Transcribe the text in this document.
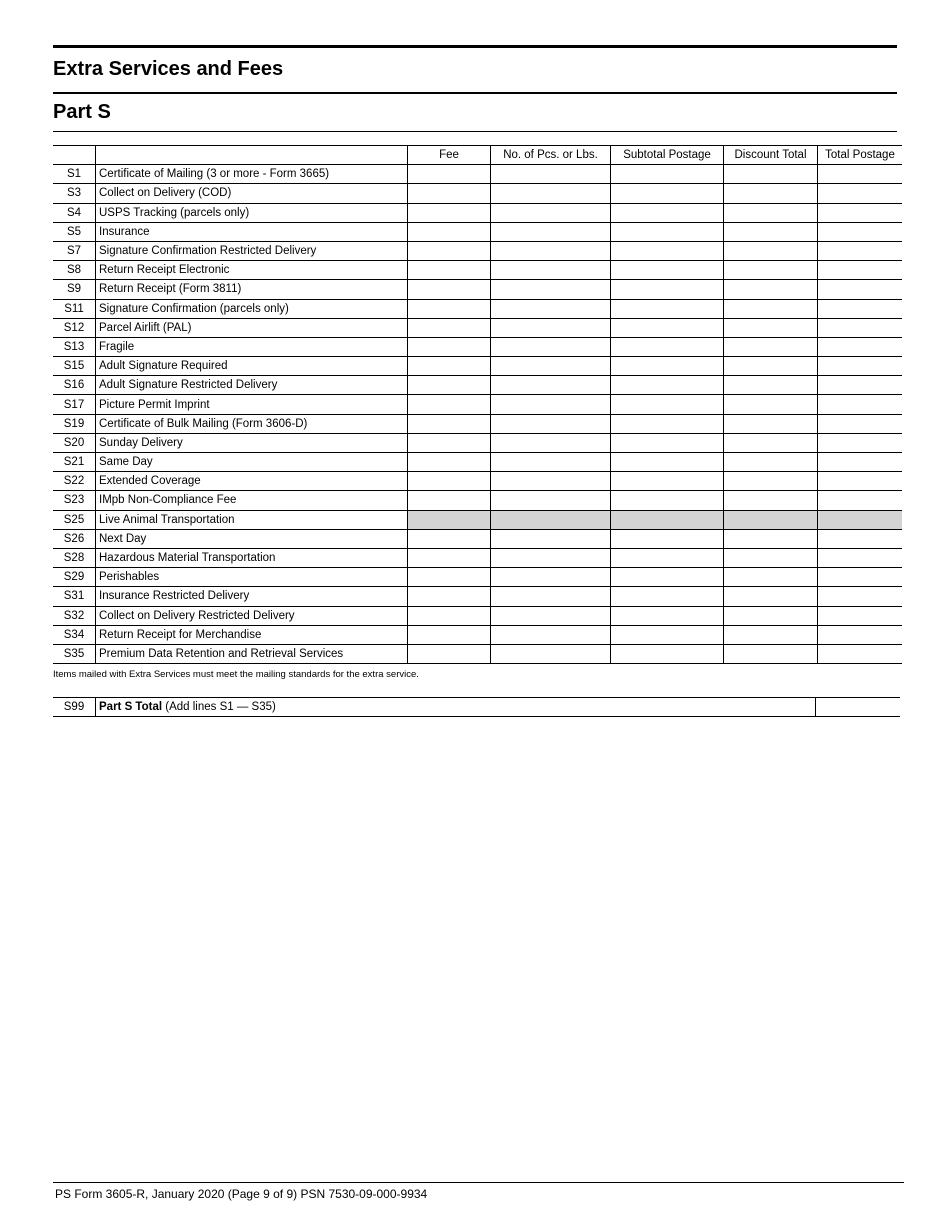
Extra Services and Fees
Part S
		Fee	No. of Pcs. or Lbs.	Subtotal Postage	Discount Total	Total Postage
S1	Certificate of Mailing (3 or more - Form 3665)					
S3	Collect on Delivery (COD)					
S4	USPS Tracking (parcels only)					
S5	Insurance					
S7	Signature Confirmation Restricted Delivery					
S8	Return Receipt Electronic					
S9	Return Receipt (Form 3811)					
S11	Signature Confirmation (parcels only)					
S12	Parcel Airlift (PAL)					
S13	Fragile					
S15	Adult Signature Required					
S16	Adult Signature Restricted Delivery					
S17	Picture Permit Imprint					
S19	Certificate of Bulk Mailing (Form 3606-D)					
S20	Sunday Delivery					
S21	Same Day					
S22	Extended Coverage					
S23	IMpb Non-Compliance Fee					
S25	Live Animal Transportation					
S26	Next Day					
S28	Hazardous Material Transportation					
S29	Perishables					
S31	Insurance Restricted Delivery					
S32	Collect on Delivery Restricted Delivery					
S34	Return Receipt for Merchandise					
S35	Premium Data Retention and Retrieval Services					
Items mailed with Extra Services must meet the mailing standards for the extra service.
S99	Part S Total (Add lines S1 — S35)	
PS Form 3605-R, January 2020 (Page 9 of 9) PSN 7530-09-000-9934
